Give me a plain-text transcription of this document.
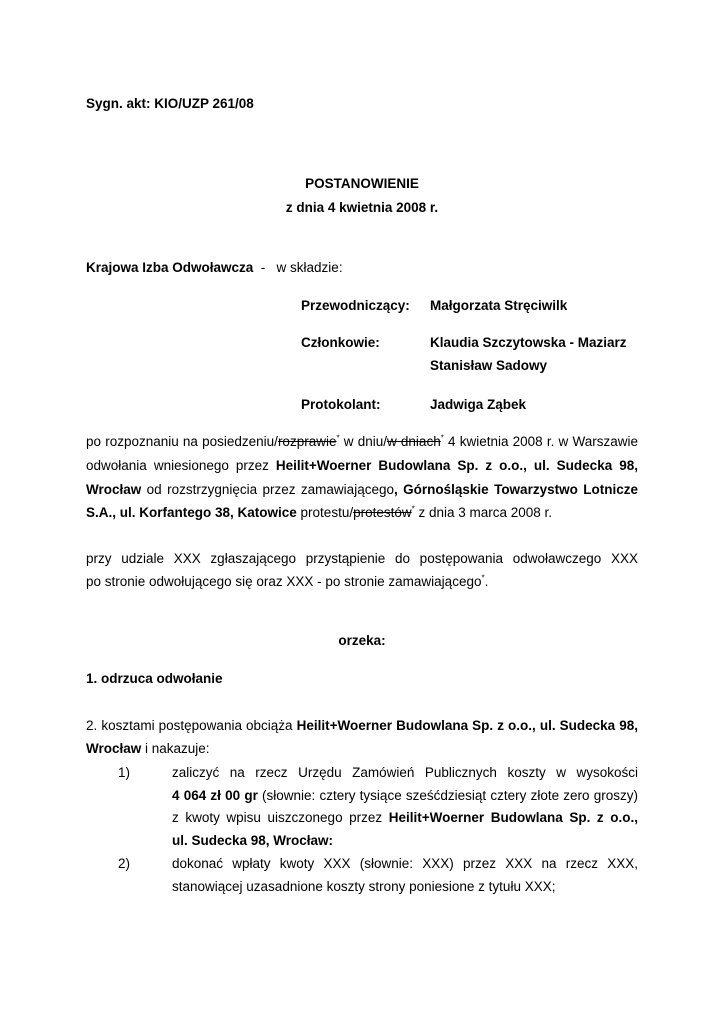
Sygn. akt: KIO/UZP 261/08
POSTANOWIENIE
z dnia 4 kwietnia 2008 r.
Krajowa Izba Odwoławcza  -   w składzie:
Przewodniczący: Małgorzata Stręciwilk
Członkowie:	Klaudia Szczytowska - Maziarz
Stanisław Sadowy
Protokolant:	Jadwiga Ząbek
po rozpoznaniu na posiedzeniu/rozprawie* w dniu/w dniach* 4 kwietnia 2008 r. w Warszawie
odwołania wniesionego przez Heilit+Woerner Budowlana Sp. z o.o., ul. Sudecka 98,
Wrocław od rozstrzygnięcia przez zamawiającego, Górnośląskie Towarzystwo Lotnicze
S.A., ul. Korfantego 38, Katowice protestu/protestów* z dnia 3 marca 2008 r.
przy udziale XXX zgłaszającego przystąpienie do postępowania odwoławczego XXX
po stronie odwołującego się oraz XXX - po stronie zamawiającego*.
orzeka:
1. odrzuca odwołanie
2. kosztami postępowania obciąża Heilit+Woerner Budowlana Sp. z o.o., ul. Sudecka 98,
Wrocław i nakazuje:
1)	zaliczyć na rzecz Urzędu Zamówień Publicznych koszty w wysokości
4 064 zł 00 gr (słownie: cztery tysiące sześćdziesiąt cztery złote zero groszy)
z kwoty wpisu uiszczonego przez Heilit+Woerner Budowlana Sp. z o.o.,
ul. Sudecka 98, Wrocław:
2)	dokonać wpłaty kwoty XXX (słownie: XXX) przez XXX na rzecz XXX,
stanowiącej uzasadnione koszty strony poniesione z tytułu XXX;
